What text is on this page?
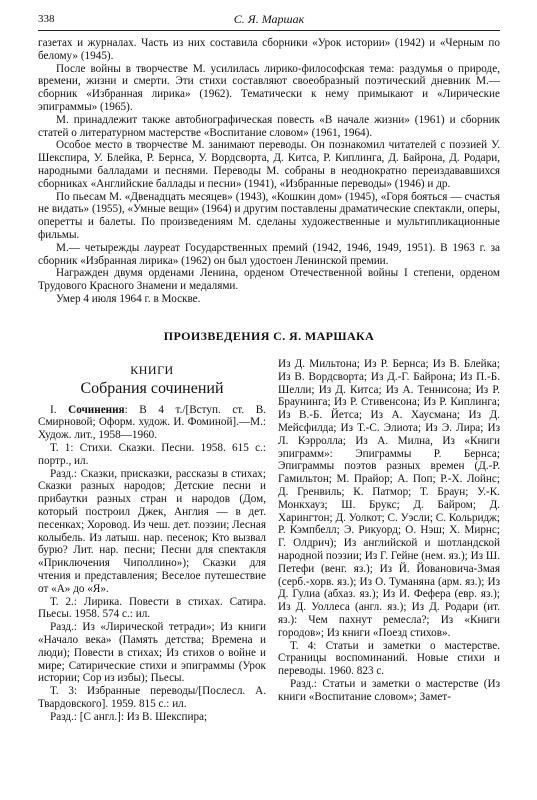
338	С. Я. Маршак

газетах и журналах. Часть из них составила сборники «Урок истории» (1942) и «Черным по белому» (1945).

После войны в творчестве М. усилилась лирико-философская тема: раздумья о природе, времени, жизни и смерти. Эти стихи составляют своеобразный поэтический дневник М.— сборник «Избранная лирика» (1962). Тематически к нему примыкают и «Лирические эпиграммы» (1965).

М. принадлежит также автобиографическая повесть «В начале жизни» (1961) и сборник статей о литературном мастерстве «Воспитание словом» (1961, 1964).

Особое место в творчестве М. занимают переводы. Он познакомил читателей с поэзией У. Шекспира, У. Блейка, Р. Бернса, У. Вордсворта, Д. Китса, Р. Киплинга, Д. Байрона, Д. Родари, народными балладами и песнями. Переводы М. собраны в неоднократно переиздававшихся сборниках «Английские баллады и песни» (1941), «Избранные переводы» (1946) и др.

По пьесам М. «Двенадцать месяцев» (1943), «Кошкин дом» (1945), «Горя бояться — счастья не видать» (1955), «Умные вещи» (1964) и другим поставлены драматические спектакли, оперы, оперетты и балеты. По произведениям М. сделаны художественные и мультипликационные фильмы.

М.— четырежды лауреат Государственных премий (1942, 1946, 1949, 1951). В 1963 г. за сборник «Избранная лирика» (1962) он был удостоен Ленинской премии.

Награжден двумя орденами Ленина, орденом Отечественной войны I степени, орденом Трудового Красного Знамени и медалями.

Умер 4 июля 1964 г. в Москве.

ПРОИЗВЕДЕНИЯ С. Я. МАРШАКА
КНИГИ
Собрания сочинений

I. Сочинения: В 4 т./[Вступ. ст. В. Смирновой; Оформ. худож. И. Фоминой].—М.: Худож. лит., 1958—1960.

Т. 1: Стихи. Сказки. Песни. 1958. 615 с.: портр., ил.

Разд.: Сказки, присказки, рассказы в стихах; Сказки разных народов; Детские песни и прибаутки разных стран и народов (Дом, который построил Джек, Англия — в дет. песенках; Хоровод. Из чеш. дет. поэзии; Лесная колыбель. Из латыш. нар. песенок; Кто вызвал бурю? Лит. нар. песни; Песни для спектакля «Приключения Чиполлино»); Сказки для чтения и представления; Веселое путешествие от «А» до «Я».

Т. 2.: Лирика. Повести в стихах. Сатира. Пьесы. 1958. 574 с.: ил.

Разд.: Из «Лирической тетради»; Из книги «Начало века» (Память детства; Времена и люди); Повести в стихах; Из стихов о войне и мире; Сатирические стихи и эпиграммы (Урок истории; Сор из избы); Пьесы.

Т. 3: Избранные переводы/[Послесл. А. Твардовского]. 1959. 815 с.: ил.

Разд.: [С англ.]: Из В. Шекспира;

Из Д. Мильтона; Из Р. Бернса; Из В. Блейка; Из В. Вордсворта; Из Д.-Г. Байрона; Из П.-Б. Шелли; Из Д. Китса; Из А. Теннисона; Из Р. Браунинга; Из Р. Стивенсона; Из Р. Киплинга; Из В.-Б. Йетса; Из А. Хаусмана; Из Д. Мейсфилда; Из Т.-С. Элиота; Из Э. Лира; Из Л. Кэрролла; Из А. Милна, Из «Книги эпиграмм»: Эпиграммы Р. Бернса; Эпиграммы поэтов разных времен (Д.-Р. Гамильтон; М. Прайор; А. Поп; Р.-Х. Лойнс; Д. Гренвиль; К. Патмор; Т. Браун; У.-К. Монкхауз; Ш. Брукс; Д. Байром; Д. Харингтон; Д. Уолкот; С. Уэсли; С. Кольридж; Р. Кэмпбелл; Э. Рикуорд; О. Нэш; Х. Мирнс; Г. Олдрич); Из английской и шотландской народной поэзии; Из Г. Гейне (нем. яз.); Из Ш. Петефи (венг. яз.); Из Й. Йовановича-Змая (серб.-хорв. яз.); Из О. Туманяна (арм. яз.); Из Д. Гулиа (абхаз. яз.); Из И. Фефера (евр. яз.); Из Д. Уоллеса (англ. яз.); Из Д. Родари (ит. яз.): Чем пахнут ремесла?; Из «Книги городов»; Из книги «Поезд стихов».

Т. 4: Статьи и заметки о мастерстве. Страницы воспоминаний. Новые стихи и переводы. 1960. 823 с.

Разд.: Статьи и заметки о мастерстве (Из книги «Воспитание словом»; Замет-
